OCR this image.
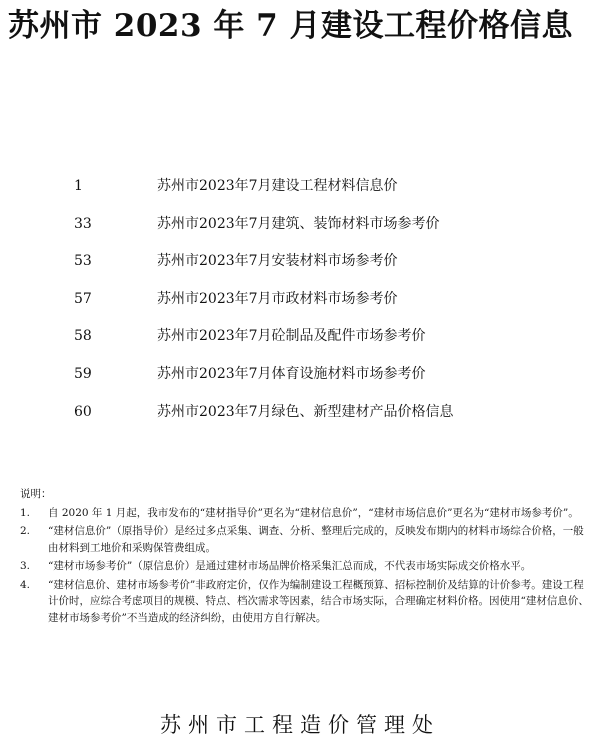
苏州市 2023 年 7 月建设工程价格信息
1	苏州市2023年7月建设工程材料信息价
33	苏州市2023年7月建筑、装饰材料市场参考价
53	苏州市2023年7月安装材料市场参考价
57	苏州市2023年7月市政材料市场参考价
58	苏州市2023年7月砼制品及配件市场参考价
59	苏州市2023年7月体育设施材料市场参考价
60	苏州市2023年7月绿色、新型建材产品价格信息
说明：
1. 自 2020 年 1 月起，我市发布的“建材指导价”更名为“建材信息价”，“建材市场信息价”更名为“建材市场参考价”。
2. “建材信息价”（原指导价）是经过多点采集、调查、分析、整理后完成的，反映发布期内的材料市场综合价格，一般由材料到工地价和采购保管费组成。
3. “建材市场参考价”（原信息价）是通过建材市场品牌价格采集汇总而成，不代表市场实际成交价格水平。
4. “建材信息价、建材市场参考价”非政府定价，仅作为编制建设工程概预算、招标控制价及结算的计价参考。建设工程计价时，应综合考虑项目的规模、特点、档次需求等因素，结合市场实际，合理确定材料价格。因使用“建材信息价、建材市场参考价”不当造成的经济纠纷，由使用方自行解决。
苏州市工程造价管理处
